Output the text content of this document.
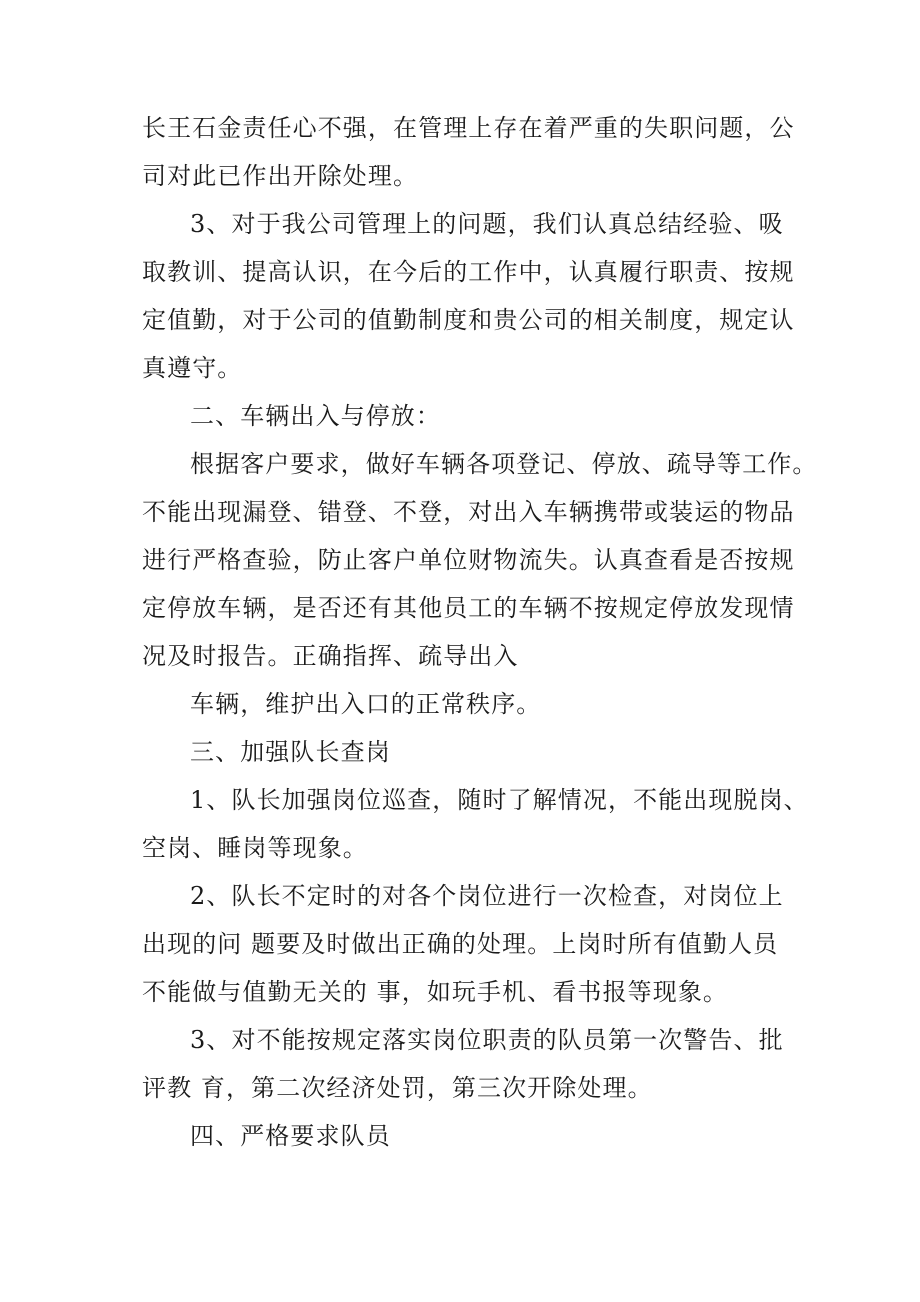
长王石金责任心不强，在管理上存在着严重的失职问题，公
司对此已作出开除处理。
3、对于我公司管理上的问题，我们认真总结经验、吸
取教训、提高认识，在今后的工作中，认真履行职责、按规
定值勤，对于公司的值勤制度和贵公司的相关制度，规定认
真遵守。
二、车辆出入与停放：
根据客户要求，做好车辆各项登记、停放、疏导等工作。
不能出现漏登、错登、不登，对出入车辆携带或装运的物品
进行严格查验，防止客户单位财物流失。认真查看是否按规
定停放车辆，是否还有其他员工的车辆不按规定停放发现情
况及时报告。正确指挥、疏导出入
车辆，维护出入口的正常秩序。
三、加强队长查岗
1、队长加强岗位巡查，随时了解情况，不能出现脱岗、
空岗、睡岗等现象。
2、队长不定时的对各个岗位进行一次检查，对岗位上
出现的问 题要及时做出正确的处理。上岗时所有值勤人员
不能做与值勤无关的 事，如玩手机、看书报等现象。
3、对不能按规定落实岗位职责的队员第一次警告、批
评教 育，第二次经济处罚，第三次开除处理。
四、严格要求队员
